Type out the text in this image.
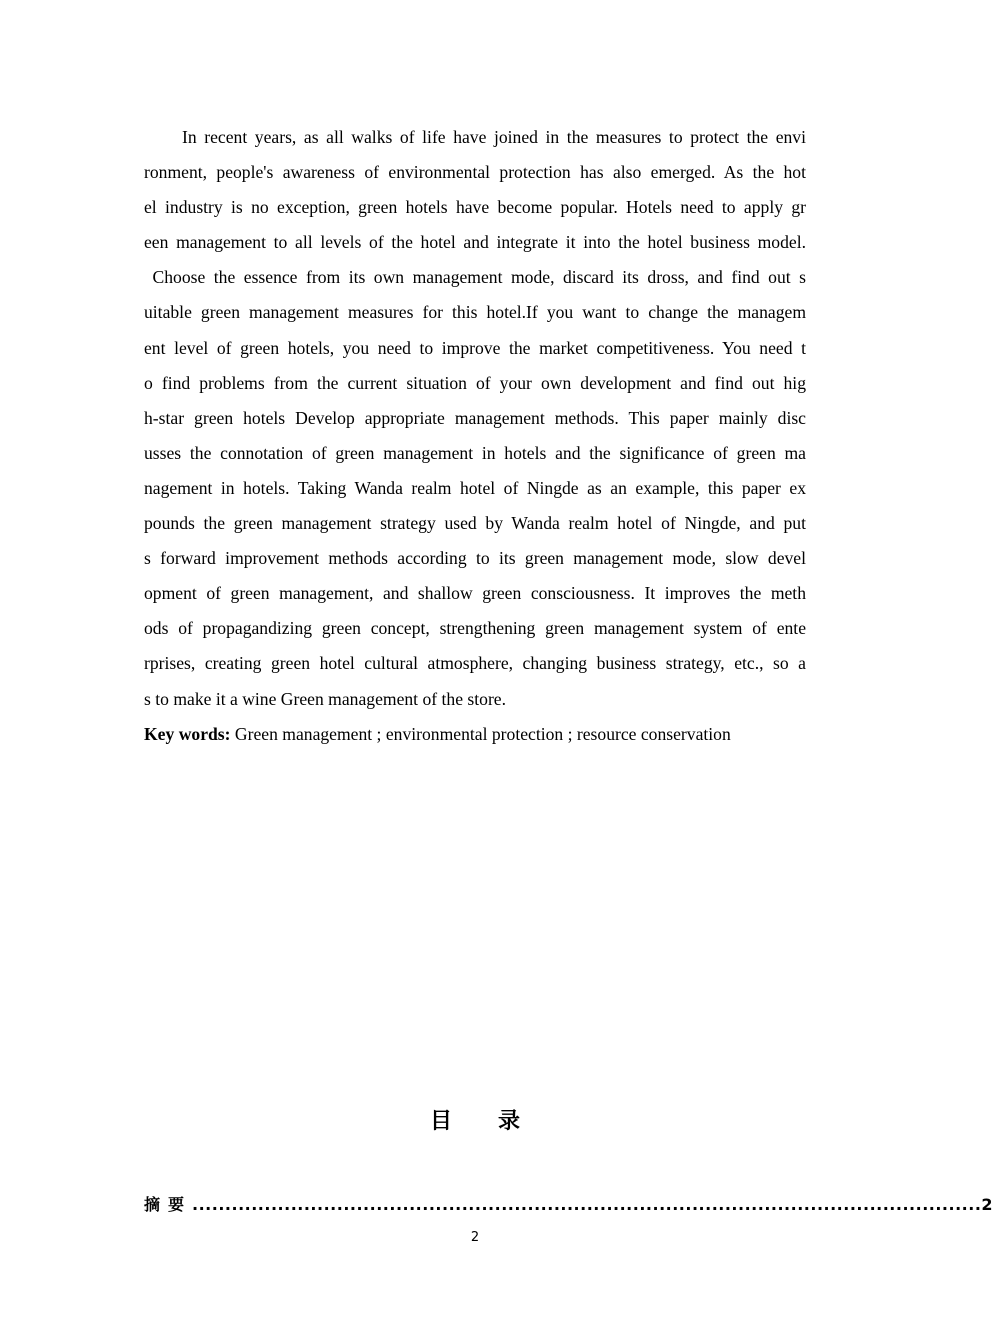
In recent years, as all walks of life have joined in the measures to protect the envi
ronment, people's awareness of environmental protection has also emerged. As the hot
el industry is no exception, green hotels have become popular. Hotels need to apply gr
een management to all levels of the hotel and integrate it into the hotel business model.
Choose the essence from its own management mode, discard its dross, and find out s
uitable green management measures for this hotel.If you want to change the managem
ent level of green hotels, you need to improve the market competitiveness. You need t
o find problems from the current situation of your own development and find out hig
h-star green hotels Develop appropriate management methods. This paper mainly disc
usses the connotation of green management in hotels and the significance of green ma
nagement in hotels. Taking Wanda realm hotel of Ningde as an example, this paper ex
pounds the green management strategy used by Wanda realm hotel of Ningde, and put
s forward improvement methods according to its green management mode, slow devel
opment of green management, and shallow green consciousness. It improves the meth
ods of propagandizing green concept, strengthening green management system of ente
rprises, creating green hotel cultural atmosphere, changing business strategy, etc., so a
s to make it a wine Green management of the store.
Key words: Green management ; environmental protection ; resource conservation
目录
摘要 ........................................................................................................................ 2
2
